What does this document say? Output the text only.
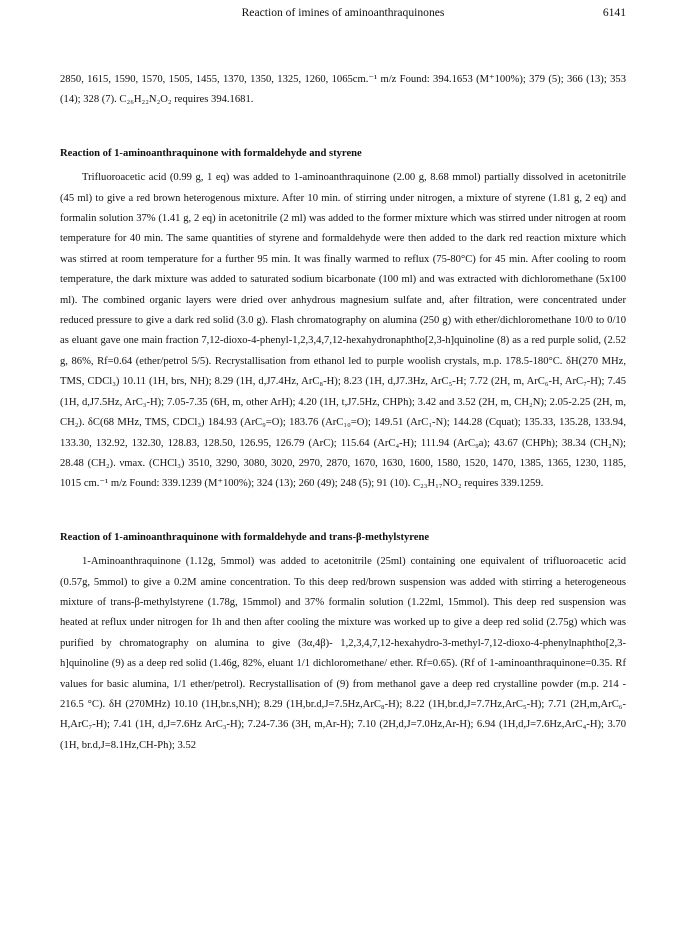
Reaction of imines of aminoanthraquinones	6141

2850, 1615, 1590, 1570, 1505, 1455, 1370, 1350, 1325, 1260, 1065cm.⁻¹ m/z Found: 394.1653 (M⁺100%); 379 (5); 366 (13); 353 (14); 328 (7). C₂₆H₂₂N₂O₂ requires 394.1681.

Reaction of 1-aminoanthraquinone with formaldehyde and styrene

Trifluoroacetic acid (0.99 g, 1 eq) was added to 1-aminoanthraquinone (2.00 g, 8.68 mmol) partially dissolved in acetonitrile (45 ml) to give a red brown heterogenous mixture. After 10 min. of stirring under nitrogen, a mixture of styrene (1.81 g, 2 eq) and formalin solution 37% (1.41 g, 2 eq) in acetonitrile (2 ml) was added to the former mixture which was stirred under nitrogen at room temperature for 40 min. The same quantities of styrene and formaldehyde were then added to the dark red reaction mixture which was stirred at room temperature for a further 95 min. It was finally warmed to reflux (75-80°C) for 45 min. After cooling to room temperature, the dark mixture was added to saturated sodium bicarbonate (100 ml) and was extracted with dichloromethane (5x100 ml). The combined organic layers were dried over anhydrous magnesium sulfate and, after filtration, were concentrated under reduced pressure to give a dark red solid (3.0 g). Flash chromatography on alumina (250 g) with ether/dichloromethane 10/0 to 0/10 as eluant gave one main fraction 7,12-dioxo-4-phenyl-1,2,3,4,7,12-hexahydronaphtho[2,3-h]quinoline (8) as a red purple solid, (2.52 g, 86%, Rf=0.64 (ether/petrol 5/5). Recrystallisation from ethanol led to purple woolish crystals, m.p. 178.5-180°C. δH(270 MHz, TMS, CDCl₃) 10.11 (1H, brs, NH); 8.29 (1H, d,J7.4Hz, ArC₈-H); 8.23 (1H, d,J7.3Hz, ArC₅-H; 7.72 (2H, m, ArC₆-H, ArC₇-H); 7.45 (1H, d,J7.5Hz, ArC₃-H); 7.05-7.35 (6H, m, other ArH); 4.20 (1H, t,J7.5Hz, CHPh); 3.42 and 3.52 (2H, m, CH₂N); 2.05-2.25 (2H, m, CH₂). δC(68 MHz, TMS, CDCl₃) 184.93 (ArC₉=O); 183.76 (ArC₁₀=O); 149.51 (ArC₁-N); 144.28 (Cquat); 135.33, 135.28, 133.94, 133.30, 132.92, 132.30, 128.83, 128.50, 126.95, 126.79 (ArC); 115.64 (ArC₄-H); 111.94 (ArC₉a); 43.67 (CHPh); 38.34 (CH₂N); 28.48 (CH₂). νmax. (CHCl₃) 3510, 3290, 3080, 3020, 2970, 2870, 1670, 1630, 1600, 1580, 1520, 1470, 1385, 1365, 1230, 1185, 1015 cm.⁻¹ m/z Found: 339.1239 (M⁺100%); 324 (13); 260 (49); 248 (5); 91 (10). C₂₃H₁₇NO₂ requires 339.1259.

Reaction of 1-aminoanthraquinone with formaldehyde and trans-β-methylstyrene

1-Aminoanthraquinone (1.12g, 5mmol) was added to acetonitrile (25ml) containing one equivalent of trifluoroacetic acid (0.57g, 5mmol) to give a 0.2M amine concentration. To this deep red/brown suspension was added with stirring a heterogeneous mixture of trans-β-methylstyrene (1.78g, 15mmol) and 37% formalin solution (1.22ml, 15mmol). This deep red suspension was heated at reflux under nitrogen for 1h and then after cooling the mixture was worked up to give a deep red solid (2.75g) which was purified by chromatography on alumina to give (3α,4β)- 1,2,3,4,7,12-hexahydro-3-methyl-7,12-dioxo-4-phenylnaphtho[2,3-h]quinoline (9) as a deep red solid (1.46g, 82%, eluant 1/1 dichloromethane/ ether. Rf=0.65). (Rf of 1-aminoanthraquinone=0.35. Rf values for basic alumina, 1/1 ether/petrol). Recrystallisation of (9) from methanol gave a deep red crystalline powder (m.p. 214 - 216.5 °C). δH (270MHz) 10.10 (1H,br.s,NH); 8.29 (1H,br.d,J=7.5Hz,ArC₈-H); 8.22 (1H,br.d,J=7.7Hz,ArC₅-H); 7.71 (2H,m,ArC₆-H,ArC₇-H); 7.41 (1H, d,J=7.6Hz ArC₃-H); 7.24-7.36 (3H, m,Ar-H); 7.10 (2H,d,J=7.0Hz,Ar-H); 6.94 (1H,d,J=7.6Hz,ArC₄-H); 3.70 (1H, br.d,J=8.1Hz,CH-Ph); 3.52
